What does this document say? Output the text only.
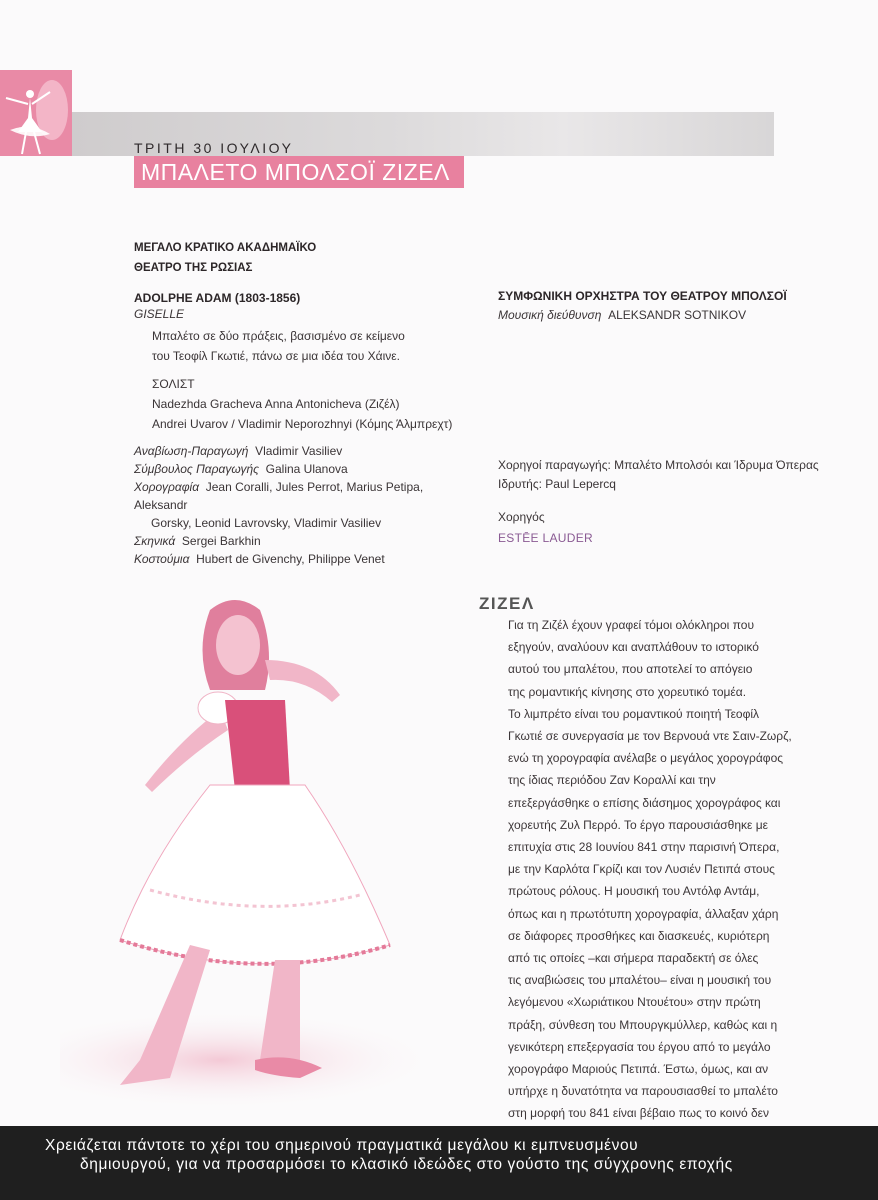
ΤΡΙΤΗ 30 ΙΟΥΛΙΟΥ

ΜΠΑΛΕΤΟ ΜΠΟΛΣΟΪ ΖΙΖΕΛ

ΜΕΓΑΛΟ ΚΡΑΤΙΚΟ ΑΚΑΔΗΜΑΪΚΟ

ΘΕΑΤΡΟ ΤΗΣ ΡΩΣΙΑΣ

ADOLPHE ADAM (1803-1856)

GISELLE

Μπαλέτο σε δύο πράξεις, βασισμένο σε κείμενο

του Τεοφίλ Γκωτιέ, πάνω σε μια ιδέα του Χάινε.

ΣΟΛΙΣΤ

Nadezhda Gracheva Anna Antonicheva (Ζιζέλ)

Andrei Uvarov / Vladimir Neporozhnyi (Κόμης Άλμπρεχτ)

Αναβίωση-Παραγωγή Vladimir Vasiliev

Σύμβουλος Παραγωγής Galina Ulanova

Χορογραφία Jean Coralli, Jules Perrot, Marius Petipa, Aleksandr

Gorsky, Leonid Lavrovsky, Vladimir Vasiliev

Σκηνικά Sergei Barkhin

Κοστούμια Hubert de Givenchy, Philippe Venet

ΣΥΜΦΩΝΙΚΗ ΟΡΧΗΣΤΡΑ ΤΟΥ ΘΕΑΤΡΟΥ ΜΠΟΛΣΟΪ

Μουσική διεύθυνση ALEKSANDR SOTNIKOV

Χορηγοί παραγωγής: Μπαλέτο Μπολσόι και Ίδρυμα Όπερας

Ιδρυτής: Paul Lepercq

Χορηγός

ESTĒE LAUDER

ΖΙΖΕΛ

Για τη Ζιζέλ έχουν γραφεί τόμοι ολόκληροι που

εξηγούν, αναλύουν και αναπλάθουν το ιστορικό

αυτού του μπαλέτου, που αποτελεί το απόγειο

της ρομαντικής κίνησης στο χορευτικό τομέα.

Το λιμπρέτο είναι του ρομαντικού ποιητή Τεοφίλ

Γκωτιέ σε συνεργασία με τον Βερνουά ντε Σαιν-Ζωρζ,

ενώ τη χορογραφία ανέλαβε ο μεγάλος χορογράφος

της ίδιας περιόδου Ζαν Κοραλλί και την

επεξεργάσθηκε ο επίσης διάσημος χορογράφος και

χορευτής Ζυλ Περρό. Το έργο παρουσιάσθηκε με

επιτυχία στις 28 Ιουνίου 841 στην παρισινή Όπερα,

με την Καρλότα Γκρίζι και τον Λυσιέν Πετιπά στους

πρώτους ρόλους. Η μουσική του Αντόλφ Αντάμ,

όπως και η πρωτότυπη χορογραφία, άλλαξαν χάρη

σε διάφορες προσθήκες και διασκευές, κυριότερη

από τις οποίες –και σήμερα παραδεκτή σε όλες

τις αναβιώσεις του μπαλέτου– είναι η μουσική του

λεγόμενου «Χωριάτικου Ντουέτου» στην πρώτη

πράξη, σύνθεση του Μπουργκμύλλερ, καθώς και η

γενικότερη επεξεργασία του έργου από το μεγάλο

χορογράφο Μαριούς Πετιπά. Έστω, όμως, και αν

υπήρχε η δυνατότητα να παρουσιασθεί το μπαλέτο

στη μορφή του 841 είναι βέβαιο πως το κοινό δεν

Χρειάζεται πάντοτε το χέρι του σημερινού πραγματικά μεγάλου κι εμπνευσμένου

δημιουργού, για να προσαρμόσει το κλασικό ιδεώδες στο γούστο της σύγχρονης εποχής
